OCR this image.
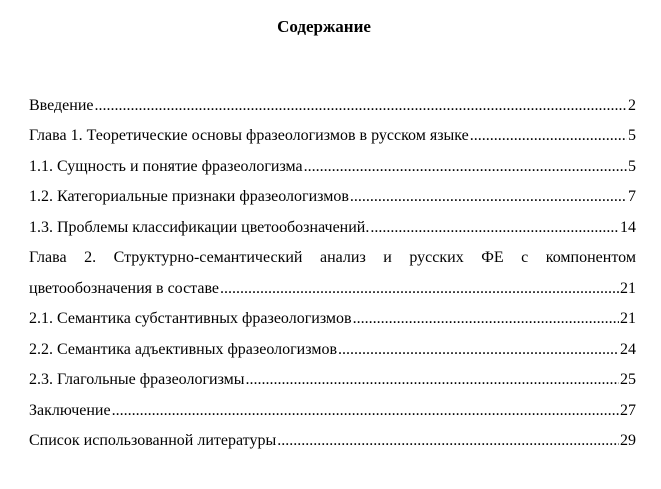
Содержание
Введение .....	2
Глава 1. Теоретические основы фразеологизмов в русском языке .....	5
1.1. Сущность и понятие фразеологизма .....	5
1.2. Категориальные признаки фразеологизмов .....	7
1.3. Проблемы классификации цветообозначений. .....	14
Глава 2. Структурно-семантический анализ и русских ФЕ с компонентом
цветообозначения в составе .....	21
2.1. Семантика субстантивных фразеологизмов .....	21
2.2. Семантика адъективных фразеологизмов .....	24
2.3. Глагольные фразеологизмы .....	25
Заключение .....	27
Список использованной литературы .....	29
